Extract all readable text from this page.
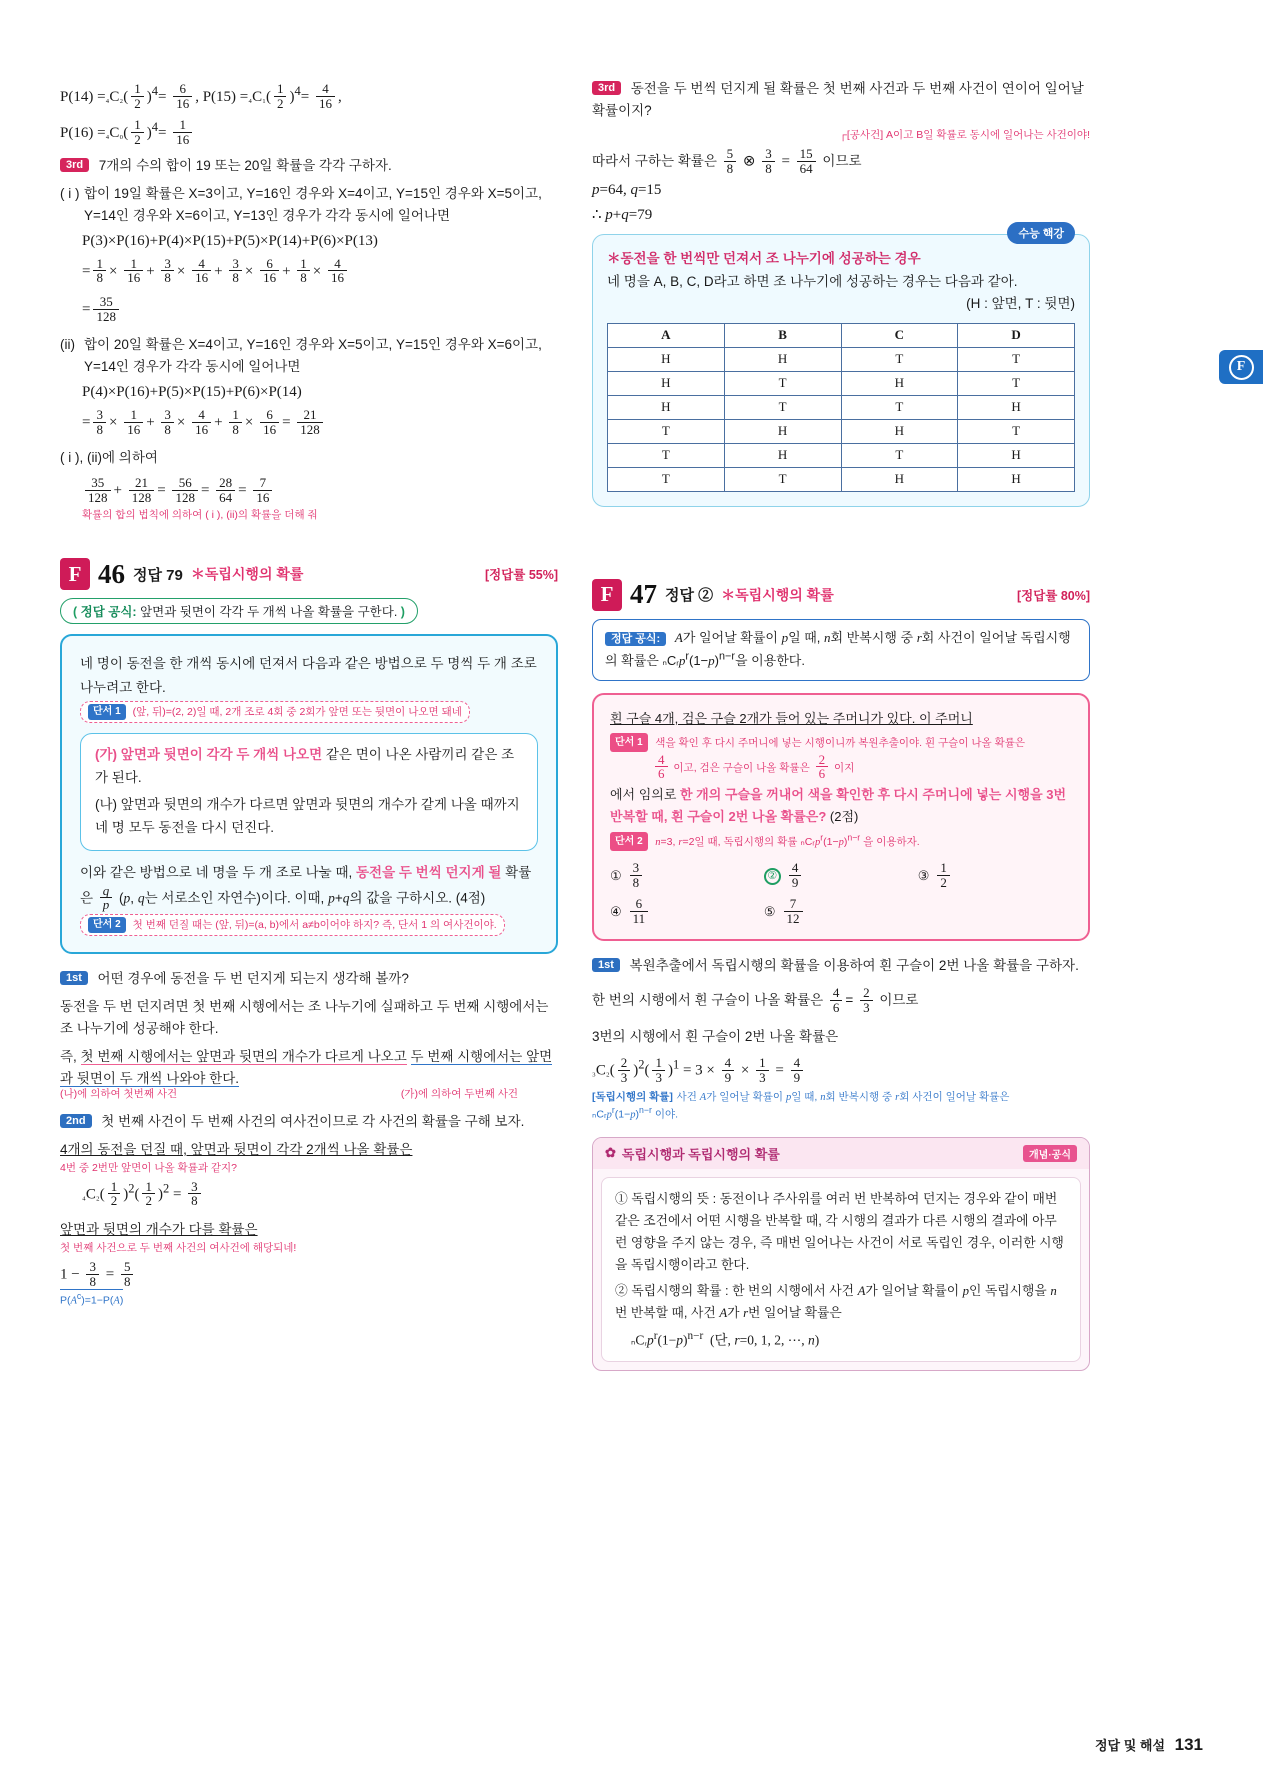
$P(14) =_4C_2( \frac{1}{2} )^4= \frac{6}{16}$ , $P(15) =_4C_1( \frac{1}{2} )^4= \frac{4}{16}$ ,
$P(16) =_4C_0( \frac{1}{2} )^4= \frac{1}{16}$
3rd 7개의 수의 합이 19 또는 20일 확률을 각각 구하자.
( i ) 합이 19일 확률은 X=3이고, Y=16인 경우와 X=4이고, Y=15인 경우와 X=5이고, Y=14인 경우와 X=6이고, Y=13인 경우가 각각 동시에 일어나면
P(3)×P(16)+P(4)×P(15)+P(5)×P(14)+P(6)×P(13)
= $\frac{1}{8} \times \frac{1}{16} + \frac{3}{8} \times \frac{4}{16} + \frac{3}{8} \times \frac{6}{16} + \frac{1}{8} \times \frac{4}{16}$
= $\frac{35}{128}$
(ii) 합이 20일 확률은 X=4이고, Y=16인 경우와 X=5이고, Y=15인 경우와 X=6이고, Y=14인 경우가 각각 동시에 일어나면
P(4)×P(16)+P(5)×P(15)+P(6)×P(14)
= $\frac{3}{8} \times \frac{1}{16} + \frac{3}{8} \times \frac{4}{16} + \frac{1}{8} \times \frac{6}{16} = \frac{21}{128}$
( i ), (ii)에 의하여
$\frac{35}{128} + \frac{21}{128} = \frac{56}{128} = \frac{28}{64} = \frac{7}{16}$
확률의 합의 법칙에 의하여 ( i ), (ii)의 확률을 더해 줘
F 46 정답 79 ＊독립시행의 확률	[정답률 55%]
( 정답 공식: 앞면과 뒷면이 각각 두 개씩 나올 확률을 구한다. )
네 명이 동전을 한 개씩 동시에 던져서 다음과 같은 방법으로 두 명씩 두 개 조로 나누려고 한다. 단서 1 (앞, 뒤)=(2, 2)일 때, 2개 조로 4회 중 2회가 앞면 또는 뒷면이 나오면 돼네
(가) 앞면과 뒷면이 각각 두 개씩 나오면 같은 면이 나온 사람끼리 같은 조가 된다.
(나) 앞면과 뒷면의 개수가 다르면 앞면과 뒷면의 개수가 같게 나올 때까지 네 명 모두 동전을 다시 던진다.
이와 같은 방법으로 네 명을 두 개 조로 나눌 때, 동전을 두 번씩 던지게 될 확률은 $\frac{q}{p} (p$, q는 서로소인 자연수)이다. 이때, p+q의 값을 구하시오. (4점) 단서 2 첫 번째 던질 때는 (앞, 뒤)=(a, b)에서 a≠b이어야 하지? 즉, 단서 1 의 여사건이야.
1st 어떤 경우에 동전을 두 번 던지게 되는지 생각해 볼까?
동전을 두 번 던지려면 첫 번째 시행에서는 조 나누기에 실패하고 두 번째 시행에서는 조 나누기에 성공해야 한다.
즉, 첫 번째 시행에서는 앞면과 뒷면의 개수가 다르게 나오고 두 번째 시행에서는 앞면과 뒷면이 두 개씩 나와야 한다.
(나)에 의하여 첫번째 사건	(가)에 의하여 두번째 사건
2nd 첫 번째 사건이 두 번째 사건의 여사건이므로 각 사건의 확률을 구해 보자.
4개의 동전을 던질 때, 앞면과 뒷면이 각각 2개씩 나올 확률은
4번 중 2번만 앞면이 나올 확률과 같지?
$_4C_2( \frac{1}{2} )^2( \frac{1}{2} )^2 = \frac{3}{8}$
앞면과 뒷면의 개수가 다를 확률은
첫 번째 사건으로 두 번째 사건의 여사건에 해당되네!
$1 - \frac{3}{8} = \frac{5}{8}$
$P(A^c)=1-P(A)$
3rd 동전을 두 번씩 던지게 될 확률은 첫 번째 사건과 두 번째 사건이 연이어 일어날 확률이지?
┌[공사건] A이고 B일 확률로 동시에 일어나는 사건이야!
따라서 구하는 확률은 $\frac{5}{8}$ ⊗ $\frac{3}{8} = \frac{15}{64}$ 이므로
p=64, q=15
∴ p+q=79
수능 핵강
＊동전을 한 번씩만 던져서 조 나누기에 성공하는 경우
네 명을 A, B, C, D라고 하면 조 나누기에 성공하는 경우는 다음과 같아.
(H : 앞면, T : 뒷면)
A	B	C	D
H	H	T	T
H	T	H	T
H	T	T	H
T	H	H	T
T	H	T	H
T	T	H	H
F 47 정답 ② ＊독립시행의 확률	[정답률 80%]
정답 공식: A가 일어날 확률이 p일 때, n회 반복시행 중 r회 사건이 일어날 독립시행의 확률은 $_nCᵣp^r(1-p)^{n-r}$을 이용한다.
흰 구슬 4개, 검은 구슬 2개가 들어 있는 주머니가 있다. 이 주머니
단서 1 색을 확인 후 다시 주머니에 넣는 시행이니까 복원추출이야. 흰 구슬이 나올 확률은
$\frac{4}{6}$ 이고, 검은 구슬이 나올 확률은 $\frac{2}{6}$ 이지
에서 임의로 한 개의 구슬을 꺼내어 색을 확인한 후 다시 주머니에 넣는 시행을 3번 반복할 때, 흰 구슬이 2번 나올 확률은? (2점)
단서 2 n=3, r=2일 때, 독립시행의 확률 $_nCᵣp^r(1-p)^{n-r}$ 을 이용하자.
① $\frac{3}{8}$	② $\frac{4}{9}$	③ $\frac{1}{2}$
④ $\frac{6}{11}$	⑤ $\frac{7}{12}$
1st 복원추출에서 독립시행의 확률을 이용하여 흰 구슬이 2번 나올 확률을 구하자.
한 번의 시행에서 흰 구슬이 나올 확률은 $\frac{4}{6} = \frac{2}{3}$ 이므로
3번의 시행에서 흰 구슬이 2번 나올 확률은
$_3C_2( \frac{2}{3} )^2( \frac{1}{3} )^1 = 3 \times \frac{4}{9} \times \frac{1}{3} = \frac{4}{9}$
[독립시행의 확률] 사건 A가 일어날 확률이 p일 때, n회 반복시행 중 r회 사건이 일어날 확률은
$_nCᵣp^r(1-p)^{n-r}$ 이야.
✿ 독립시행과 독립시행의 확률	개념·공식
① 독립시행의 뜻 : 동전이나 주사위를 여러 번 반복하여 던지는 경우와 같이 매번 같은 조건에서 어떤 시행을 반복할 때, 각 시행의 결과가 다른 시행의 결과에 아무런 영향을 주지 않는 경우, 즉 매번 일어나는 사건이 서로 독립인 경우, 이러한 시행을 독립시행이라고 한다.
② 독립시행의 확률 : 한 번의 시행에서 사건 A가 일어날 확률이 p인 독립시행을 n번 반복할 때, 사건 A가 r번 일어날 확률은
$_nCᵣp^r(1-p)^{n-r}$  (단, r=0, 1, 2, ⋯, n)
F
정답 및 해설 131
